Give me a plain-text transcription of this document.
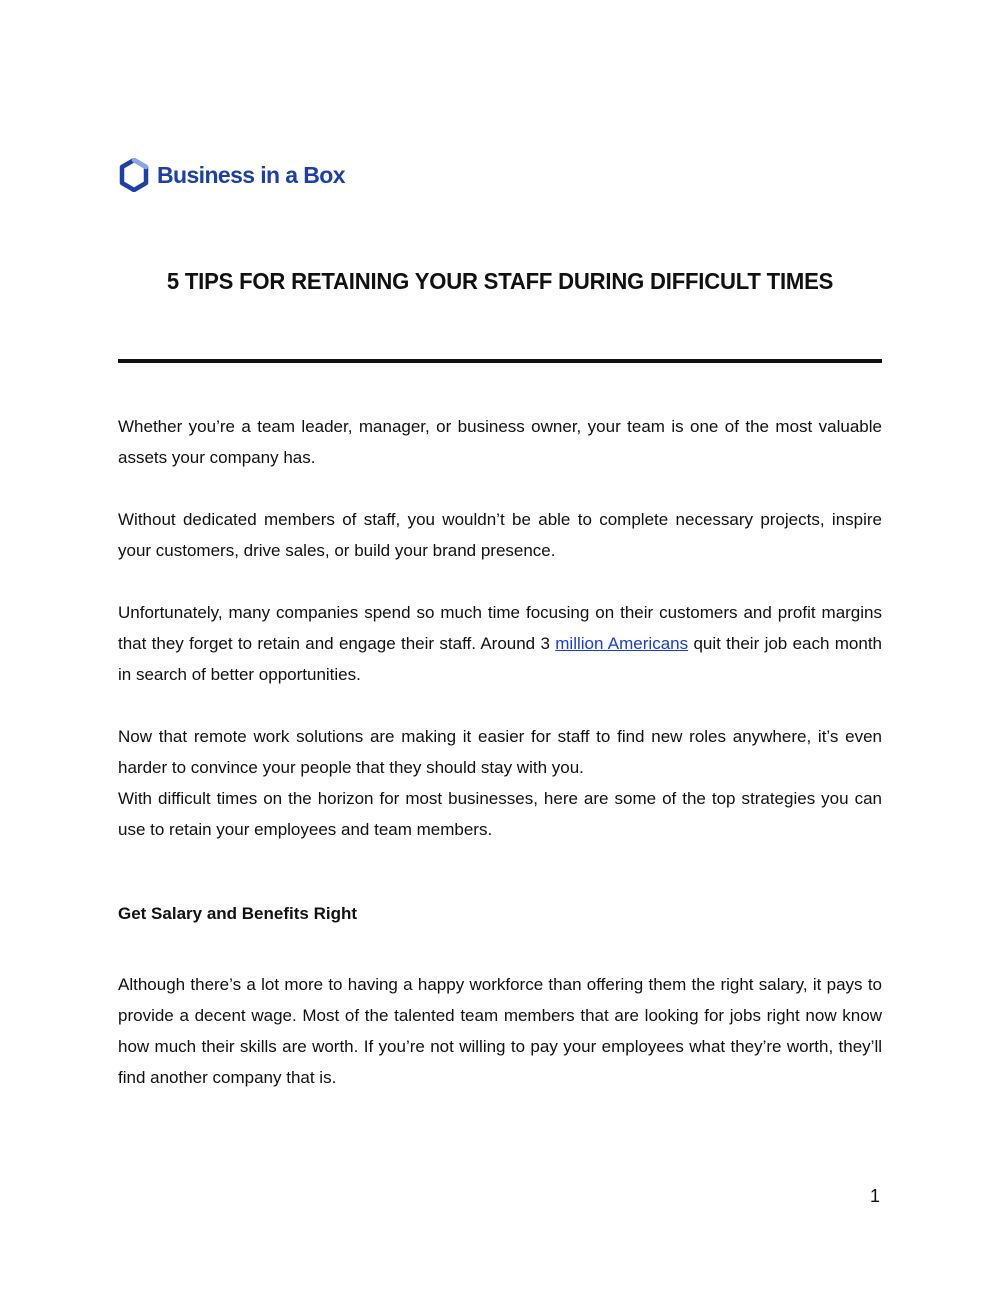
Business in a Box
5 TIPS FOR RETAINING YOUR STAFF DURING DIFFICULT TIMES

Whether you’re a team leader, manager, or business owner, your team is one of the most valuable assets your company has.

Without dedicated members of staff, you wouldn’t be able to complete necessary projects, inspire your customers, drive sales, or build your brand presence.

Unfortunately, many companies spend so much time focusing on their customers and profit margins that they forget to retain and engage their staff. Around 3 million Americans quit their job each month in search of better opportunities.

Now that remote work solutions are making it easier for staff to find new roles anywhere, it’s even harder to convince your people that they should stay with you.

With difficult times on the horizon for most businesses, here are some of the top strategies you can use to retain your employees and team members.

Get Salary and Benefits Right

Although there’s a lot more to having a happy workforce than offering them the right salary, it pays to provide a decent wage. Most of the talented team members that are looking for jobs right now know how much their skills are worth. If you’re not willing to pay your employees what they’re worth, they’ll find another company that is.

1
